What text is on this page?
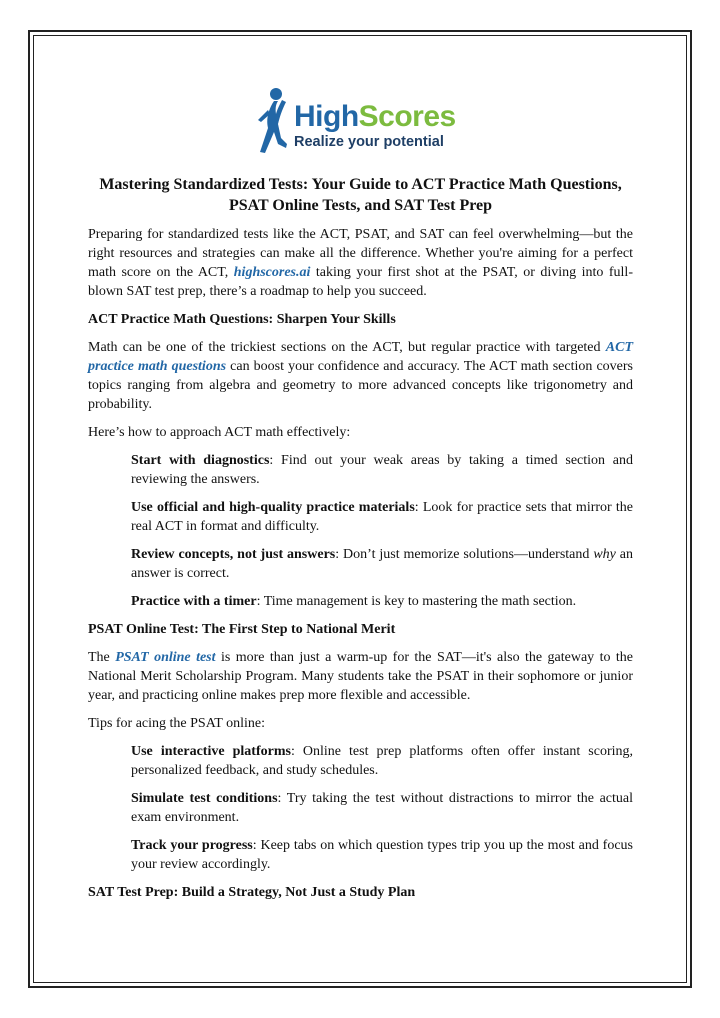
HighScores
Realize your potential
Mastering Standardized Tests: Your Guide to ACT Practice Math Questions, PSAT Online Tests, and SAT Test Prep

Preparing for standardized tests like the ACT, PSAT, and SAT can feel overwhelming—but the right resources and strategies can make all the difference. Whether you're aiming for a perfect math score on the ACT, highscores.ai taking your first shot at the PSAT, or diving into full-blown SAT test prep, there’s a roadmap to help you succeed.

ACT Practice Math Questions: Sharpen Your Skills

Math can be one of the trickiest sections on the ACT, but regular practice with targeted ACT practice math questions can boost your confidence and accuracy. The ACT math section covers topics ranging from algebra and geometry to more advanced concepts like trigonometry and probability.

Here’s how to approach ACT math effectively:

Start with diagnostics: Find out your weak areas by taking a timed section and reviewing the answers.

Use official and high-quality practice materials: Look for practice sets that mirror the real ACT in format and difficulty.

Review concepts, not just answers: Don’t just memorize solutions—understand why an answer is correct.

Practice with a timer: Time management is key to mastering the math section.

PSAT Online Test: The First Step to National Merit

The PSAT online test is more than just a warm-up for the SAT—it's also the gateway to the National Merit Scholarship Program. Many students take the PSAT in their sophomore or junior year, and practicing online makes prep more flexible and accessible.

Tips for acing the PSAT online:

Use interactive platforms: Online test prep platforms often offer instant scoring, personalized feedback, and study schedules.

Simulate test conditions: Try taking the test without distractions to mirror the actual exam environment.

Track your progress: Keep tabs on which question types trip you up the most and focus your review accordingly.

SAT Test Prep: Build a Strategy, Not Just a Study Plan
